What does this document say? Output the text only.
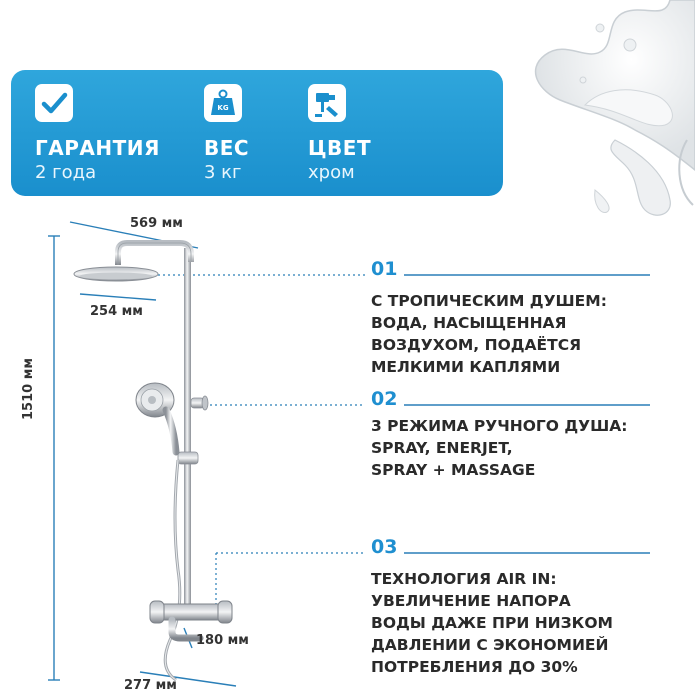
ГАРАНТИЯ
2 года
KG
ВЕС
3 кг
ЦВЕТ
хром
569 мм
254 мм
1510 мм
180 мм
277 мм
01
С ТРОПИЧЕСКИМ ДУШЕМ:
ВОДА, НАСЫЩЕННАЯ
ВОЗДУХОМ, ПОДАЁТСЯ
МЕЛКИМИ КАПЛЯМИ
02
3 РЕЖИМА РУЧНОГО ДУША:
SPRAY, ENERJET,
SPRAY + MASSAGE
03
ТЕХНОЛОГИЯ AIR IN:
УВЕЛИЧЕНИЕ НАПОРА
ВОДЫ ДАЖЕ ПРИ НИЗКОМ
ДАВЛЕНИИ С ЭКОНОМИЕЙ
ПОТРЕБЛЕНИЯ ДО 30%
